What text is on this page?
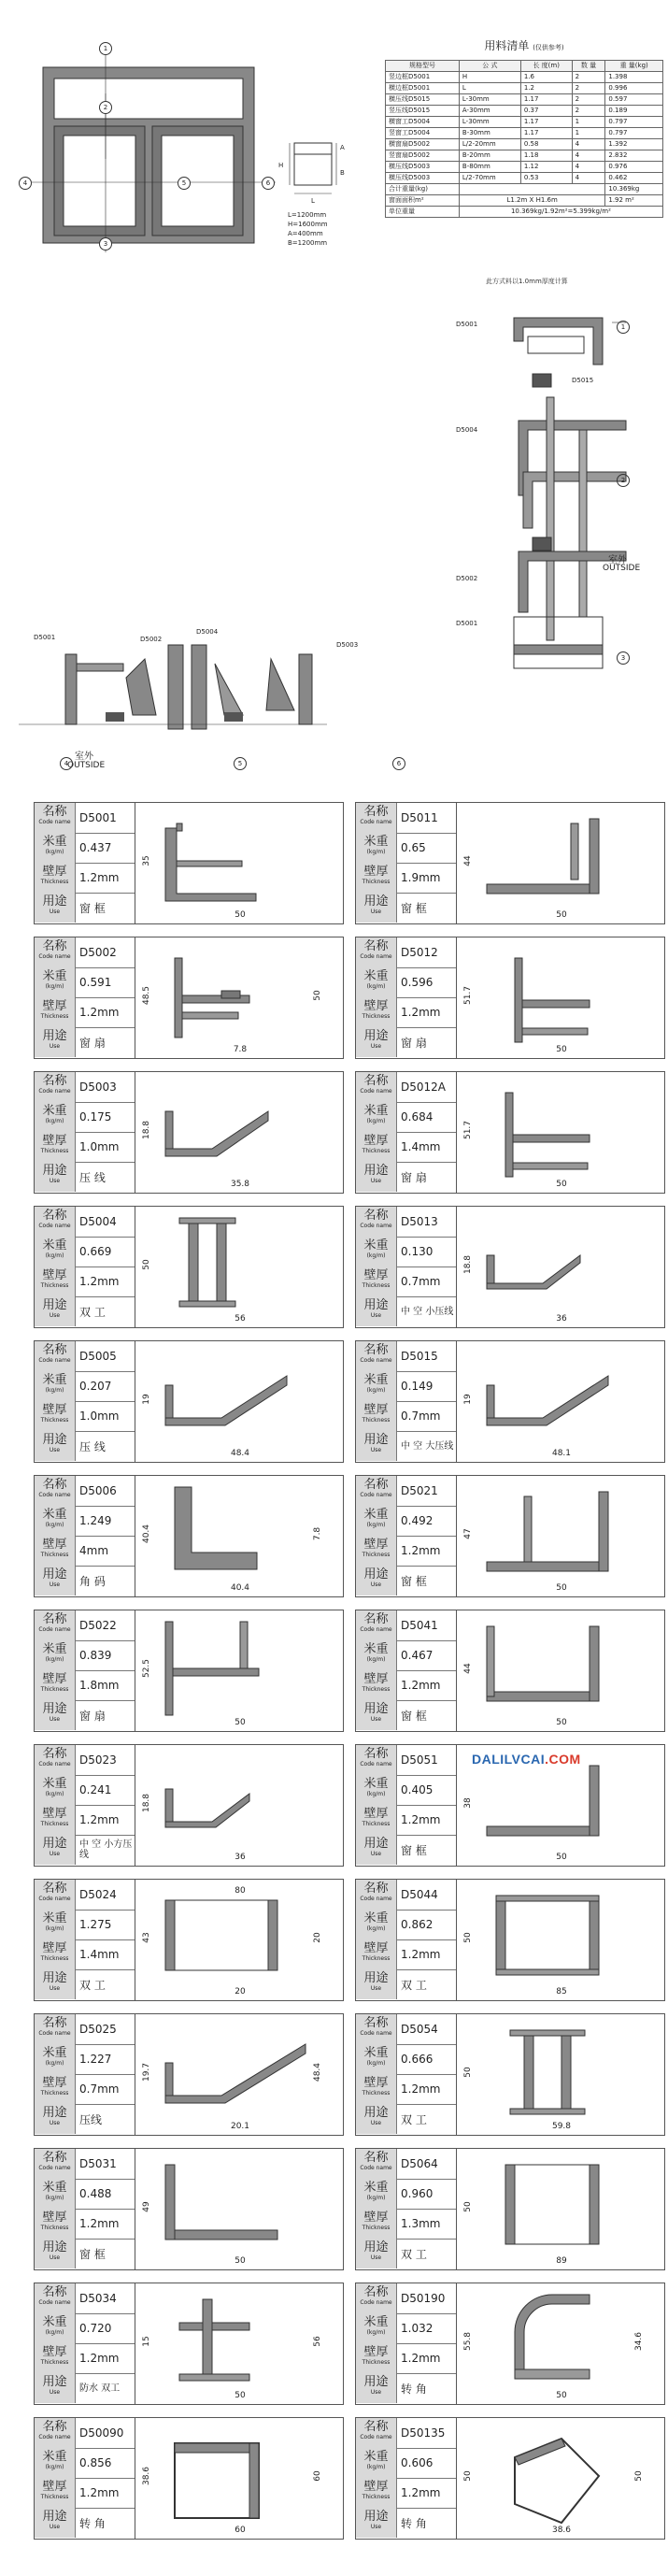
1
2
3
4	5	6
H
L
A
B
L=1200mm
H=1600mm
A=400mm
B=1200mm
用料清单 (仅供参考)
规格型号	公 式	长 度(m)	数 量	重 量(kg)
竖边框D5001	H	1.6	2	1.398
横边框D5001	L	1.2	2	0.996
横压线D5015	L-30mm	1.17	2	0.597
竖压线D5015	A-30mm	0.37	2	0.189
横窗工D5004	L-30mm	1.17	1	0.797
竖窗工D5004	B-30mm	1.17	1	0.797
横窗扇D5002	L/2-20mm	0.58	4	1.392
竖窗扇D5002	B-20mm	1.18	4	2.832
横压线D5003	B-80mm	1.12	4	0.976
横压线D5003	L/2-70mm	0.53	4	0.462
合计重量(kg)				10.369kg
窗面面积m²	L1.2m X H1.6m			1.92 m²
单位重量	10.369kg/1.92m²=5.399kg/m²			
此方式料以1.0mm厚度计算
D5001
D5015
D5004
D5002
D5001
1
2
3
室外
OUTSIDE
D5001	D5002
D5004
D5003
室外
OUTSIDE
4	5	6
名称
Code name D5001
米重
(kg/m)	0.437
壁厚
Thickness 1.2mm
用途
Use	窗 框
35
50
名称
Code name D5011
米重
(kg/m)	0.65
壁厚
Thickness 1.9mm
用途
Use	窗 框
44
50
名称
Code name D5002
米重
(kg/m)	0.591
壁厚
Thickness 1.2mm
用途
Use	窗 扇
48.5
7.8
50
名称
Code name D5012
米重
(kg/m)	0.596
壁厚
Thickness 1.2mm
用途
Use	窗 扇
51.7
50
名称
Code name D5003
米重
(kg/m)	0.175
壁厚
Thickness 1.0mm
用途
Use	压 线
18.8
35.8
名称
Code name D5012A
米重
(kg/m)	0.684
壁厚
Thickness 1.4mm
用途
Use	窗 扇
51.7
50
名称
Code name D5004
米重
(kg/m)	0.669
壁厚
Thickness 1.2mm
用途
Use	双 工
50
56
名称
Code name D5013
米重
(kg/m)	0.130
壁厚
Thickness 0.7mm
用途
Use	中 空 小压线
18.8
36
名称
Code name D5005
米重
(kg/m)	0.207
壁厚
Thickness 1.0mm
用途
Use	压 线
19
48.4
名称
Code name D5015
米重
(kg/m)	0.149
壁厚
Thickness 0.7mm
用途
Use	中 空 大压线
19
48.1
名称
Code name D5006
米重
(kg/m)	1.249
壁厚
Thickness 4mm
用途
Use	角 码
40.4
40.4
7.8
名称
Code name D5021
米重
(kg/m)	0.492
壁厚
Thickness 1.2mm
用途
Use	窗 框
47
50
名称
Code name D5022
米重
(kg/m)	0.839
壁厚
Thickness 1.8mm
用途
Use	窗 扇
52.5
50
名称
Code name D5041
米重
(kg/m)	0.467
壁厚
Thickness 1.2mm
用途
Use	窗 框
44
50
名称
Code name D5023
米重
(kg/m)	0.241
壁厚
Thickness 1.2mm
用途
Use
中 空 小方压线
18.8
36
名称
Code name D5051
米重
(kg/m)	0.405
壁厚
Thickness 1.2mm
用途
Use	窗 框
38
50
名称
Code name D5024
米重
(kg/m)	1.275
壁厚
Thickness 1.4mm
用途
Use	双 工
43
20
20
80	名称
Code name D5044
米重
(kg/m)	0.862
壁厚
Thickness 1.2mm
用途
Use	双 工
50
85
名称
Code name D5025
米重
(kg/m)	1.227
壁厚
Thickness 0.7mm
用途
Use	压线
19.7
20.1
48.4
名称
Code name D5054
米重
(kg/m)	0.666
壁厚
Thickness 1.2mm
用途
Use	双 工
50
59.8
名称
Code name D5031
米重
(kg/m)	0.488
壁厚
Thickness 1.2mm
用途
Use	窗 框
49
50
名称
Code name D5064
米重
(kg/m)	0.960
壁厚
Thickness 1.3mm
用途
Use	双 工
50
89
名称
Code name D5034
米重
(kg/m)	0.720
壁厚
Thickness 1.2mm
用途
Use	防水 双工
15
50
56
名称
Code name D50190
米重
(kg/m)	1.032
壁厚
Thickness 1.2mm
用途
Use	转 角
55.8
50
34.6
名称
Code name D50090
米重
(kg/m)	0.856
壁厚
Thickness 1.2mm
用途
Use	转 角
38.6
60
60
名称
Code name D50135
米重
(kg/m)	0.606
壁厚
Thickness 1.2mm
用途
Use	转 角
50
38.6
50
DALILVCAI.COM
